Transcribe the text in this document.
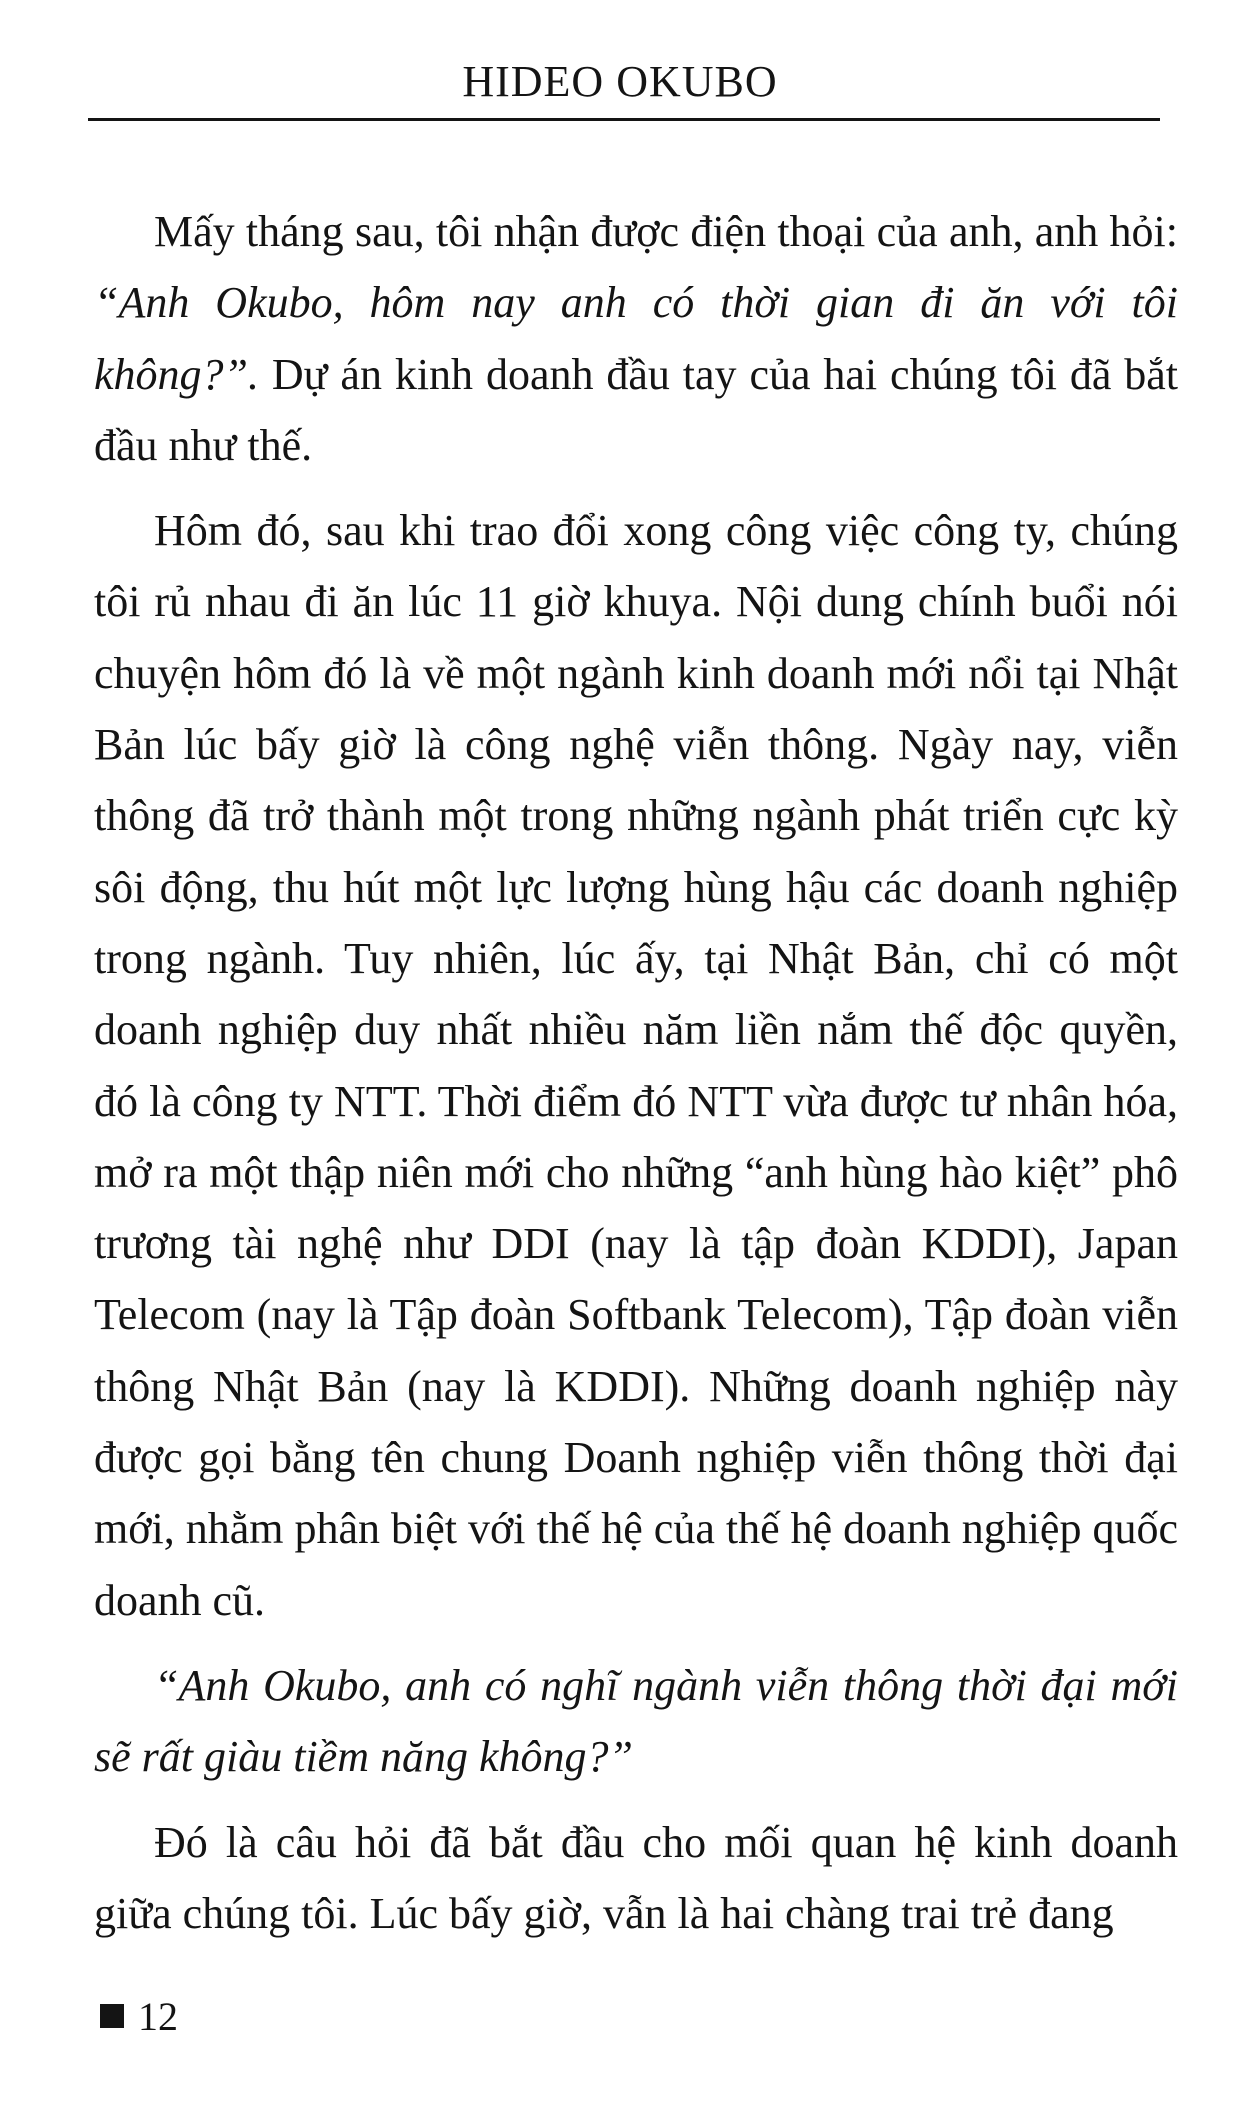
HIDEO OKUBO

Mấy tháng sau, tôi nhận được điện thoại của anh, anh hỏi: “Anh Okubo, hôm nay anh có thời gian đi ăn với tôi không?”. Dự án kinh doanh đầu tay của hai chúng tôi đã bắt đầu như thế.

Hôm đó, sau khi trao đổi xong công việc công ty, chúng tôi rủ nhau đi ăn lúc 11 giờ khuya. Nội dung chính buổi nói chuyện hôm đó là về một ngành kinh doanh mới nổi tại Nhật Bản lúc bấy giờ là công nghệ viễn thông. Ngày nay, viễn thông đã trở thành một trong những ngành phát triển cực kỳ sôi động, thu hút một lực lượng hùng hậu các doanh nghiệp trong ngành. Tuy nhiên, lúc ấy, tại Nhật Bản, chỉ có một doanh nghiệp duy nhất nhiều năm liền nắm thế độc quyền, đó là công ty NTT. Thời điểm đó NTT vừa được tư nhân hóa, mở ra một thập niên mới cho những “anh hùng hào kiệt” phô trương tài nghệ như DDI (nay là tập đoàn KDDI), Japan Telecom (nay là Tập đoàn Softbank Telecom), Tập đoàn viễn thông Nhật Bản (nay là KDDI). Những doanh nghiệp này được gọi bằng tên chung Doanh nghiệp viễn thông thời đại mới, nhằm phân biệt với thế hệ của thế hệ doanh nghiệp quốc doanh cũ.

“Anh Okubo, anh có nghĩ ngành viễn thông thời đại mới sẽ rất giàu tiềm năng không?”

Đó là câu hỏi đã bắt đầu cho mối quan hệ kinh doanh giữa chúng tôi. Lúc bấy giờ, vẫn là hai chàng trai trẻ đang

12
